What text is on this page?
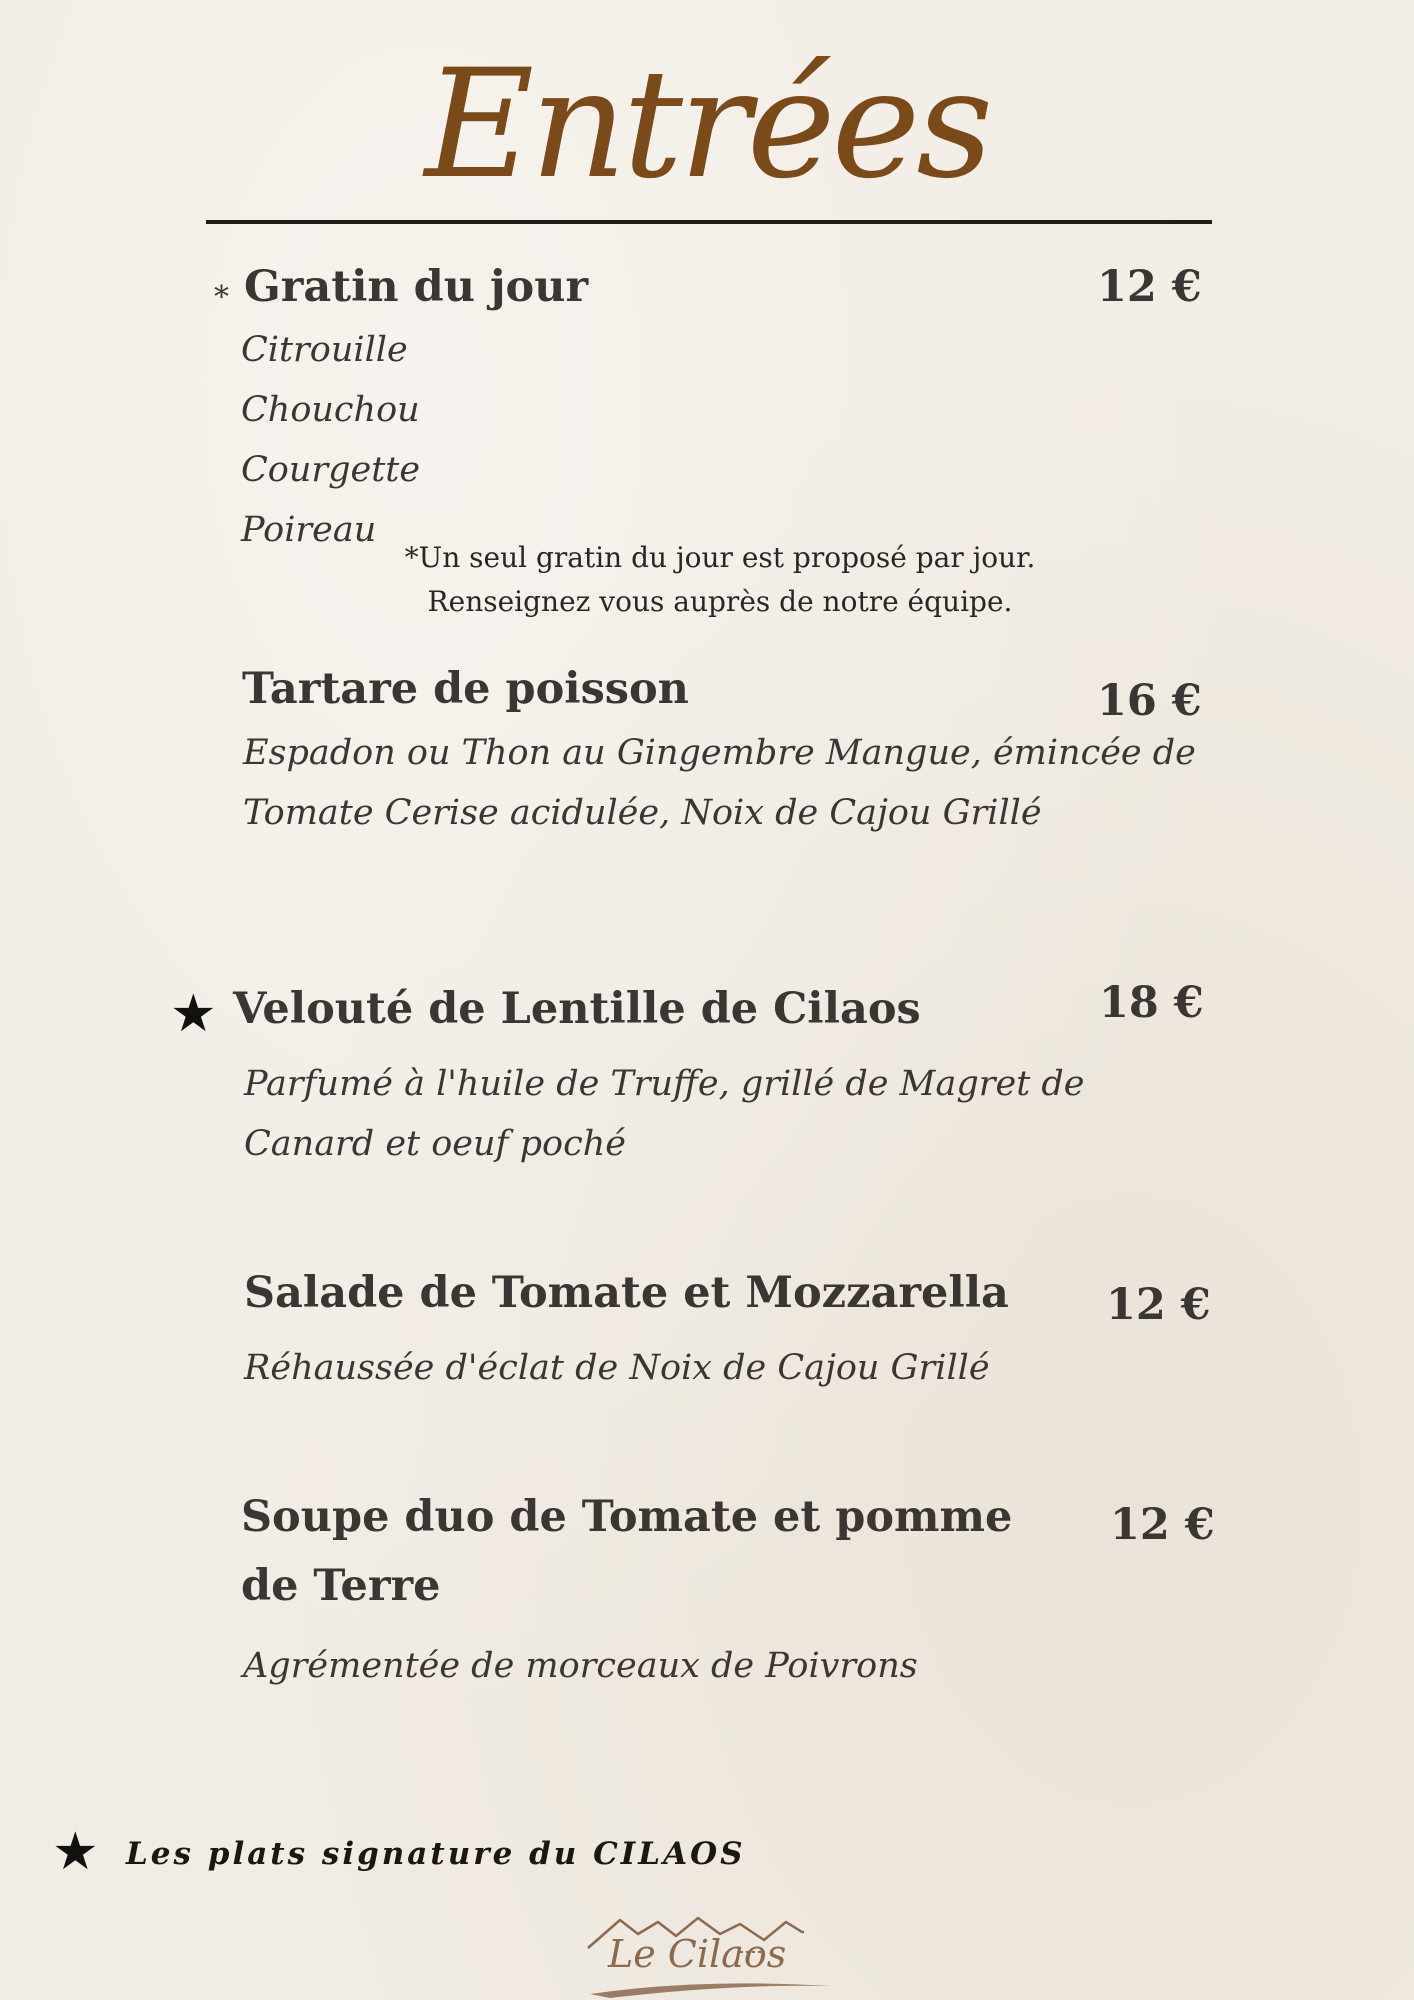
Entrées
* Gratin du jour	12 €
Citrouille
Chouchou
Courgette
Poireau
*Un seul gratin du jour est proposé par jour.
Renseignez vous auprès de notre équipe.
Tartare de poisson	16 €
Espadon ou Thon au Gingembre Mangue, émincée de
Tomate Cerise acidulée, Noix de Cajou Grillé
★ Velouté de Lentille de Cilaos	18 €
Parfumé à l'huile de Truffe, grillé de Magret de
Canard et oeuf poché
Salade de Tomate et Mozzarella 12 €
Réhaussée d'éclat de Noix de Cajou Grillé
Soupe duo de Tomate et pomme
de Terre
12 €
Agrémentée de morceaux de Poivrons
★ Les plats signature du CILAOS
Le Cilaos
